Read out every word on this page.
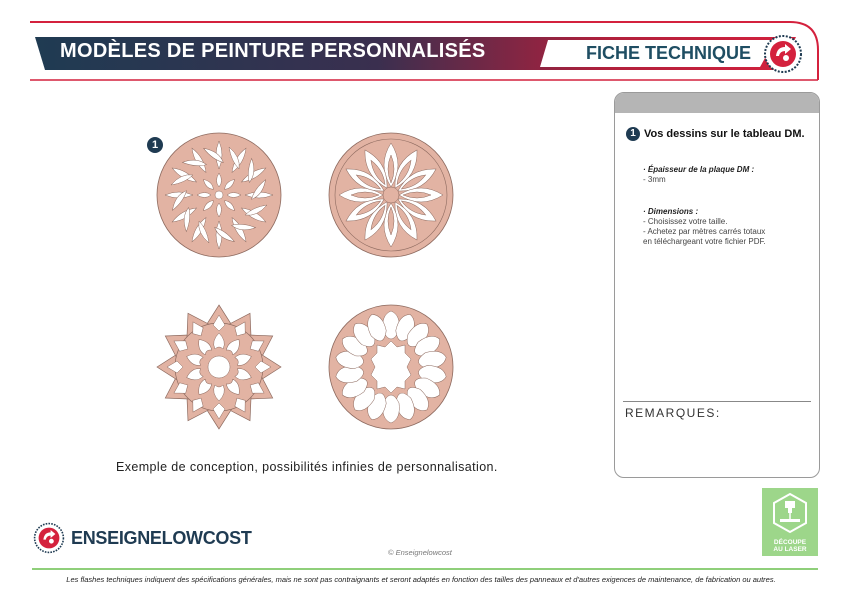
MODÈLES DE PEINTURE PERSONNALISÉS	FICHE TECHNIQUE
1
Exemple de conception, possibilités infinies de personnalisation.
1 Vos dessins sur le tableau DM.
· Épaisseur de la plaque DM :
- 3mm
· Dimensions :
- Choisissez votre taille.
- Achetez par mètres carrés totaux
en téléchargeant votre fichier PDF.
REMARQUES:
ENSEIGNELOWCOST
© Enseignelowcost
DÉCOUPE
AU LASER
Les flashes techniques indiquent des spécifications générales, mais ne sont pas contraignants et seront adaptés en fonction des tailles des panneaux et d'autres exigences de maintenance, de fabrication ou autres.
